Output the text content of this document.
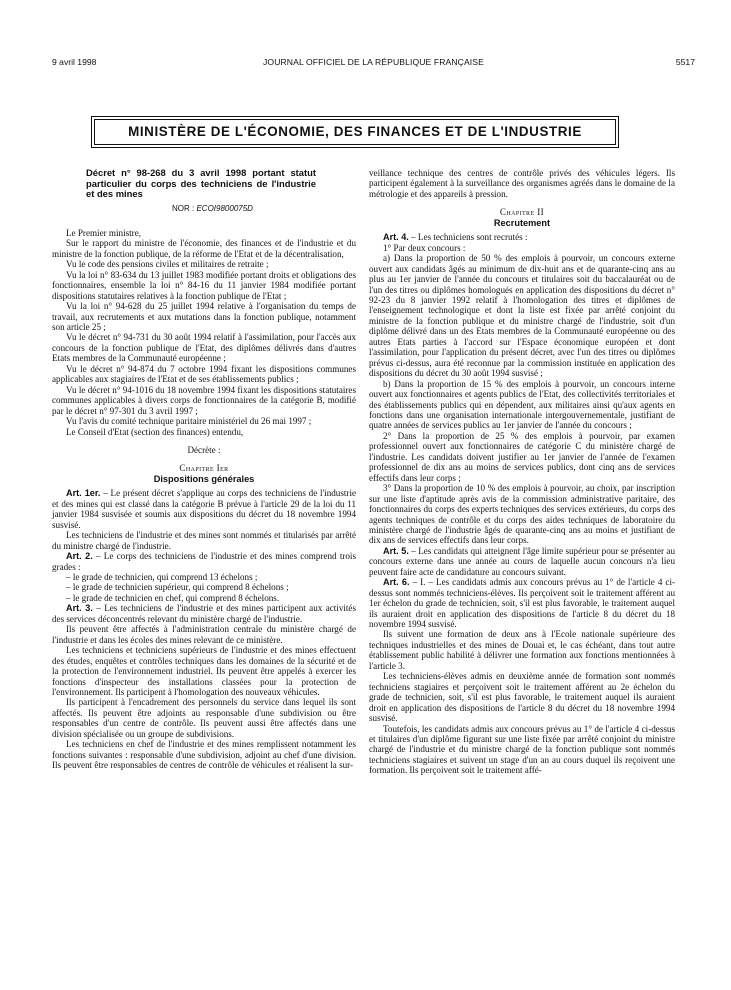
9 avril 1998	JOURNAL OFFICIEL DE LA RÉPUBLIQUE FRANÇAISE	5517
MINISTÈRE DE L'ÉCONOMIE, DES FINANCES ET DE L'INDUSTRIE

Décret n° 98-268 du 3 avril 1998 portant statut particulier du corps des techniciens de l'industrie et des mines

NOR : ECOI9800075D

Le Premier ministre,

Sur le rapport du ministre de l'économie, des finances et de l'industrie et du ministre de la fonction publique, de la réforme de l'Etat et de la décentralisation,

Vu le code des pensions civiles et militaires de retraite ;

Vu la loi n° 83-634 du 13 juillet 1983 modifiée portant droits et obligations des fonctionnaires, ensemble la loi n° 84-16 du 11 janvier 1984 modifiée portant dispositions statutaires relatives à la fonction publique de l'Etat ;

Vu la loi n° 94-628 du 25 juillet 1994 relative à l'organisation du temps de travail, aux recrutements et aux mutations dans la fonction publique, notamment son article 25 ;

Vu le décret n° 94-731 du 30 août 1994 relatif à l'assimilation, pour l'accès aux concours de la fonction publique de l'Etat, des diplômes délivrés dans d'autres Etats membres de la Communauté européenne ;

Vu le décret n° 94-874 du 7 octobre 1994 fixant les dispositions communes applicables aux stagiaires de l'Etat et de ses établissements publics ;

Vu le décret n° 94-1016 du 18 novembre 1994 fixant les dispositions statutaires communes applicables à divers corps de fonctionnaires de la catégorie B, modifié par le décret n° 97-301 du 3 avril 1997 ;

Vu l'avis du comité technique paritaire ministériel du 26 mai 1997 ;

Le Conseil d'Etat (section des finances) entendu,

Décrète :

Chapitre Ier

Dispositions générales

Art. 1er. – Le présent décret s'applique au corps des techniciens de l'industrie et des mines qui est classé dans la catégorie B prévue à l'article 29 de la loi du 11 janvier 1984 susvisée et soumis aux dispositions du décret du 18 novembre 1994 susvisé.

Les techniciens de l'industrie et des mines sont nommés et titularisés par arrêté du ministre chargé de l'industrie.

Art. 2. – Le corps des techniciens de l'industrie et des mines comprend trois grades :

– le grade de technicien, qui comprend 13 échelons ;

– le grade de technicien supérieur, qui comprend 8 échelons ;

– le grade de technicien en chef, qui comprend 8 échelons.

Art. 3. – Les techniciens de l'industrie et des mines participent aux activités des services déconcentrés relevant du ministère chargé de l'industrie.

Ils peuvent être affectés à l'administration centrale du ministère chargé de l'industrie et dans les écoles des mines relevant de ce ministère.

Les techniciens et techniciens supérieurs de l'industrie et des mines effectuent des études, enquêtes et contrôles techniques dans les domaines de la sécurité et de la protection de l'environnement industriel. Ils peuvent être appelés à exercer les fonctions d'inspecteur des installations classées pour la protection de l'environnement. Ils participent à l'homologation des nouveaux véhicules.

Ils participent à l'encadrement des personnels du service dans lequel ils sont affectés. Ils peuvent être adjoints au responsable d'une subdivision ou être responsables d'un centre de contrôle. Ils peuvent aussi être affectés dans une division spécialisée ou un groupe de subdivisions.

Les techniciens en chef de l'industrie et des mines remplissent notamment les fonctions suivantes : responsable d'une subdivision, adjoint au chef d'une division. Ils peuvent être responsables de centres de contrôle de véhicules et réalisent la sur-

veillance technique des centres de contrôle privés des véhicules légers. Ils participent également à la surveillance des organismes agréés dans le domaine de la métrologie et des appareils à pression.

Chapitre II

Recrutement

Art. 4. – Les techniciens sont recrutés :

1° Par deux concours :

a) Dans la proportion de 50 % des emplois à pourvoir, un concours externe ouvert aux candidats âgés au minimum de dix-huit ans et de quarante-cinq ans au plus au 1er janvier de l'année du concours et titulaires soit du baccalauréat ou de l'un des titres ou diplômes homologués en application des dispositions du décret n° 92-23 du 8 janvier 1992 relatif à l'homologation des titres et diplômes de l'enseignement technologique et dont la liste est fixée par arrêté conjoint du ministre de la fonction publique et du ministre chargé de l'industrie, soit d'un diplôme délivré dans un des Etats membres de la Communauté européenne ou des autres Etats parties à l'accord sur l'Espace économique européen et dont l'assimilation, pour l'application du présent décret, avec l'un des titres ou diplômes prévus ci-dessus, aura été reconnue par la commission instituée en application des dispositions du décret du 30 août 1994 susvisé ;

b) Dans la proportion de 15 % des emplois à pourvoir, un concours interne ouvert aux fonctionnaires et agents publics de l'Etat, des collectivités territoriales et des établissements publics qui en dépendent, aux militaires ainsi qu'aux agents en fonctions dans une organisation internationale intergouvernementale, justifiant de quatre années de services publics au 1er janvier de l'année du concours ;

2° Dans la proportion de 25 % des emplois à pourvoir, par examen professionnel ouvert aux fonctionnaires de catégorie C du ministère chargé de l'industrie. Les candidats doivent justifier au 1er janvier de l'année de l'examen professionnel de dix ans au moins de services publics, dont cinq ans de services effectifs dans leur corps ;

3° Dans la proportion de 10 % des emplois à pourvoir, au choix, par inscription sur une liste d'aptitude après avis de la commission administrative paritaire, des fonctionnaires du corps des experts techniques des services extérieurs, du corps des agents techniques de contrôle et du corps des aides techniques de laboratoire du ministère chargé de l'industrie âgés de quarante-cinq ans au moins et justifiant de dix ans de services effectifs dans leur corps.

Art. 5. – Les candidats qui atteignent l'âge limite supérieur pour se présenter au concours externe dans une année au cours de laquelle aucun concours n'a lieu peuvent faire acte de candidature au concours suivant.

Art. 6. – I. – Les candidats admis aux concours prévus au 1° de l'article 4 ci-dessus sont nommés techniciens-élèves. Ils perçoivent soit le traitement afférent au 1er échelon du grade de technicien, soit, s'il est plus favorable, le traitement auquel ils auraient droit en application des dispositions de l'article 8 du décret du 18 novembre 1994 susvisé.

Ils suivent une formation de deux ans à l'Ecole nationale supérieure des techniques industrielles et des mines de Douai et, le cas échéant, dans tout autre établissement public habilité à délivrer une formation aux fonctions mentionnées à l'article 3.

Les techniciens-élèves admis en deuxième année de formation sont nommés techniciens stagiaires et perçoivent soit le traitement afférent au 2e échelon du grade de technicien, soit, s'il est plus favorable, le traitement auquel ils auraient droit en application des dispositions de l'article 8 du décret du 18 novembre 1994 susvisé.

Toutefois, les candidats admis aux concours prévus au 1° de l'article 4 ci-dessus et titulaires d'un diplôme figurant sur une liste fixée par arrêté conjoint du ministre chargé de l'industrie et du ministre chargé de la fonction publique sont nommés techniciens stagiaires et suivent un stage d'un an au cours duquel ils reçoivent une formation. Ils perçoivent soit le traitement affé-
